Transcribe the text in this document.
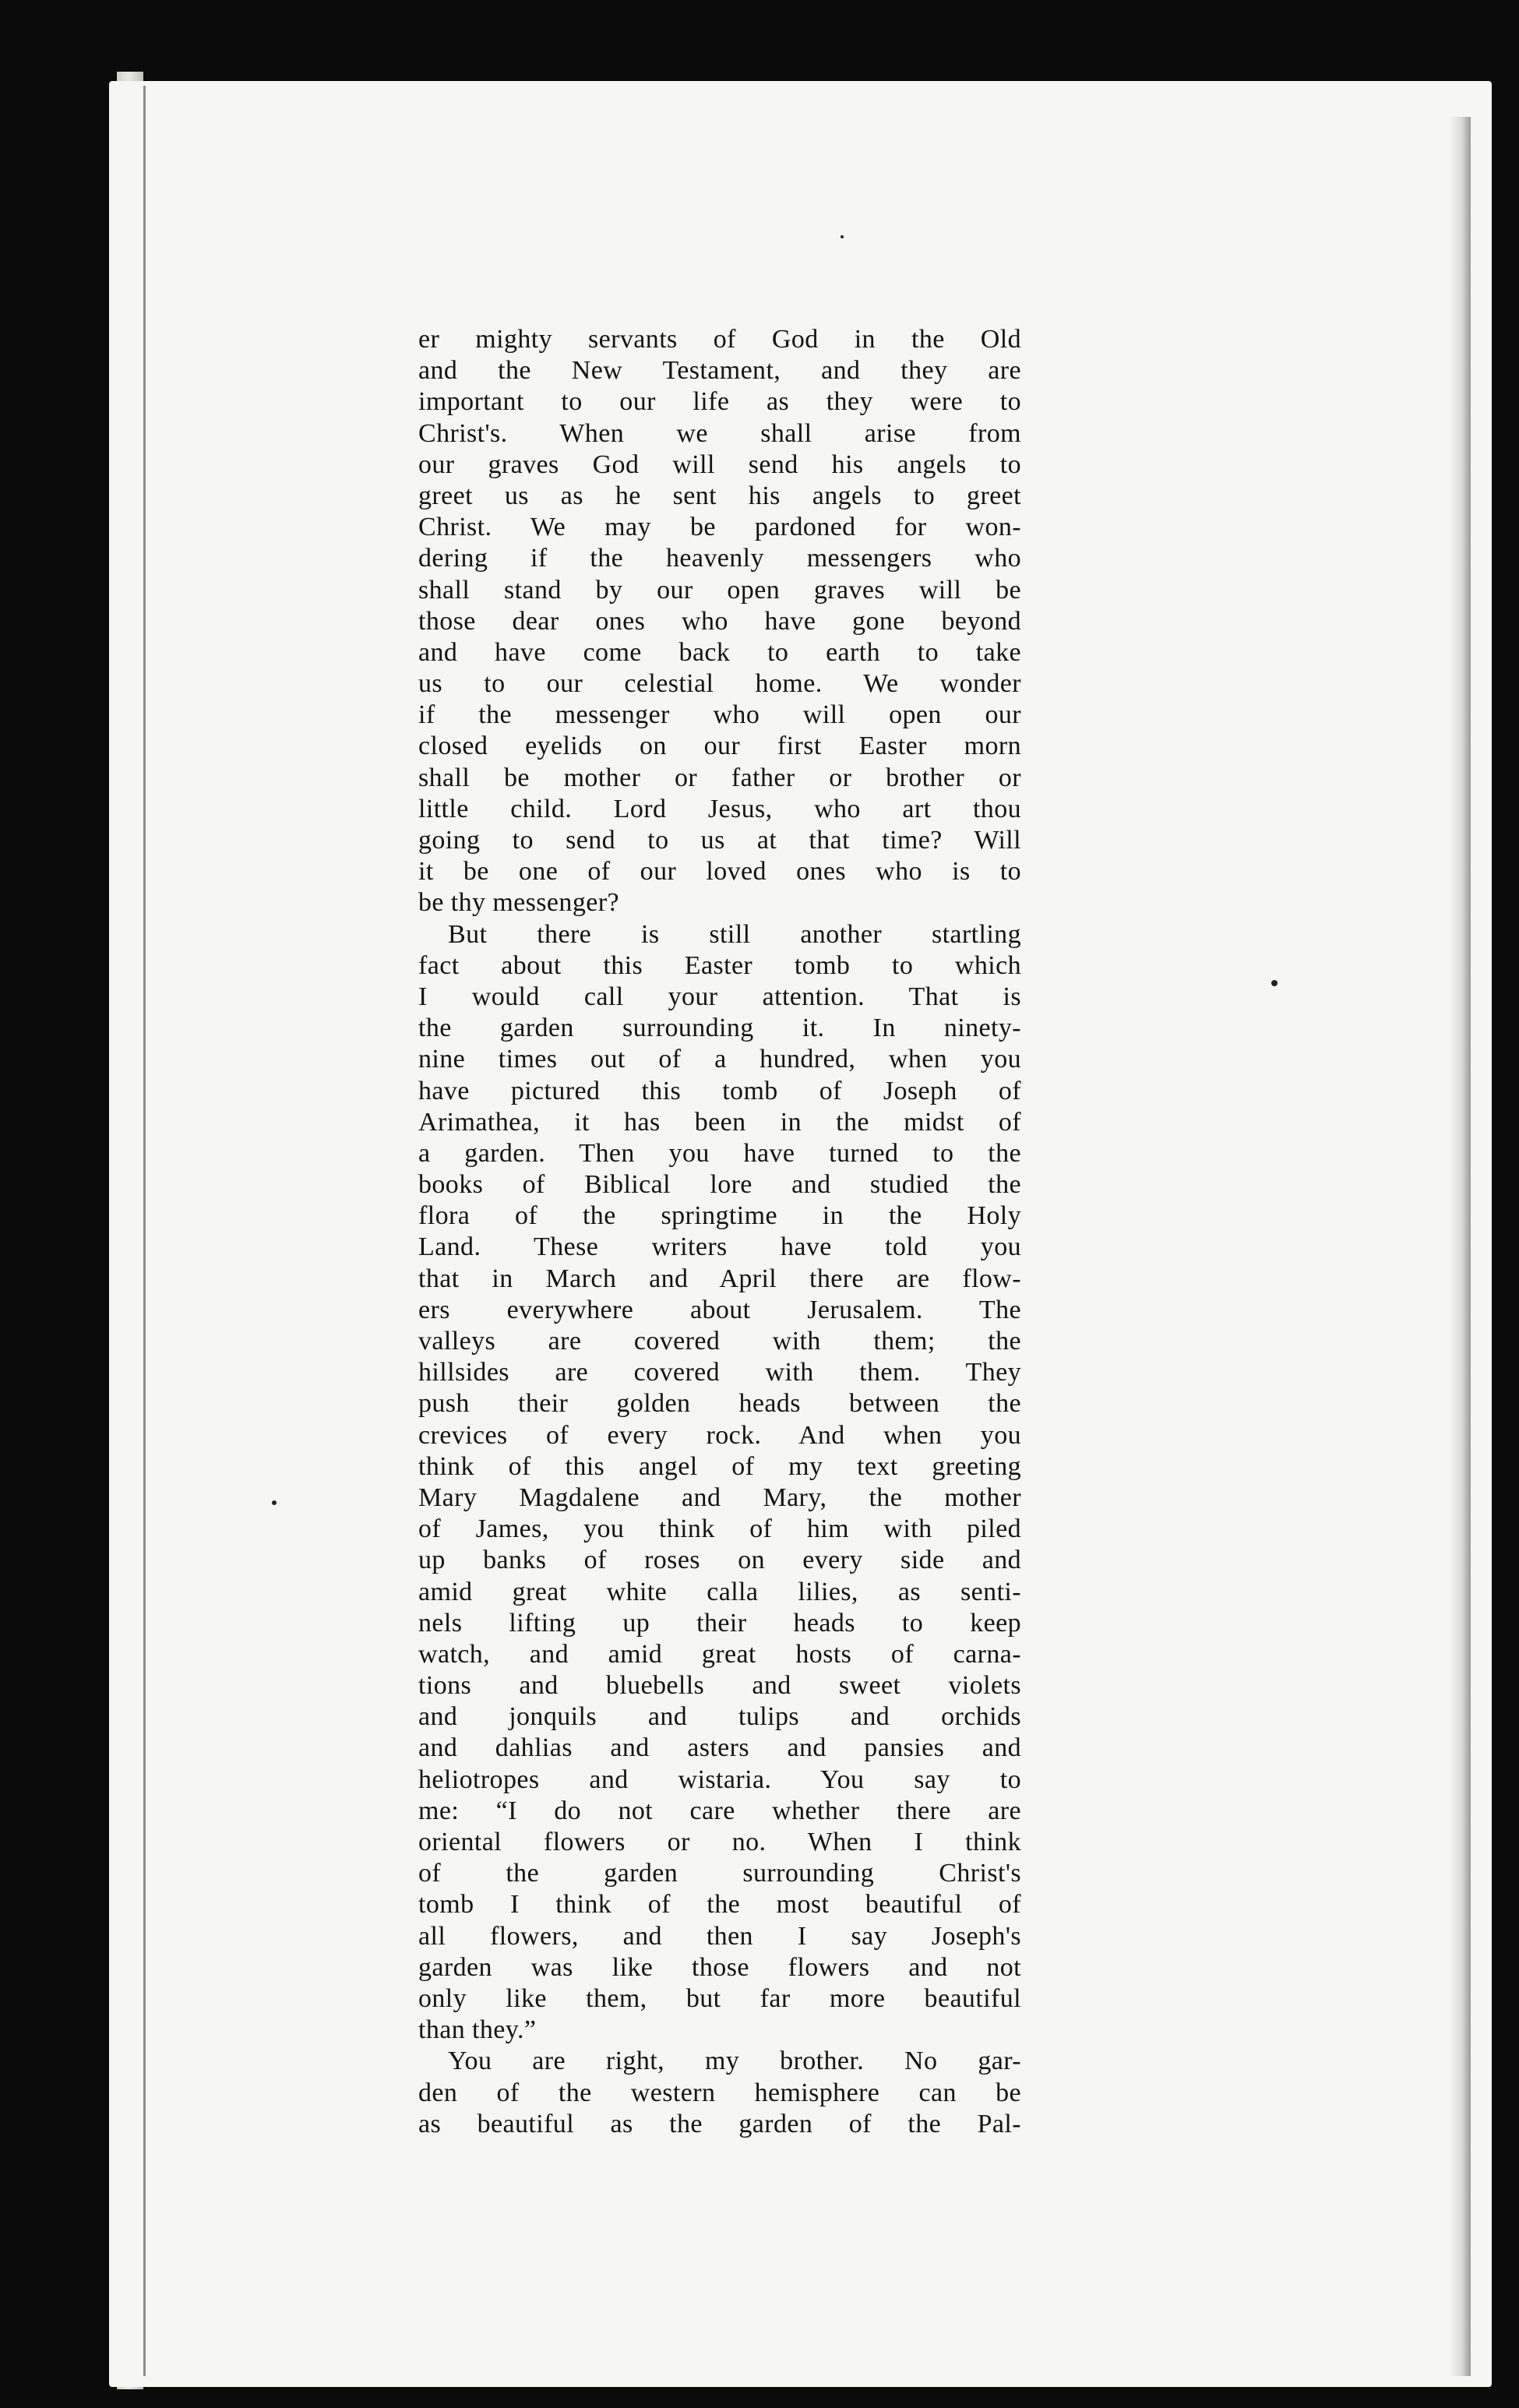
er mighty servants of God in the Old
and the New Testament, and they are
important to our life as they were to
Christ's. When we shall arise from
our graves God will send his angels to
greet us as he sent his angels to greet
Christ. We may be pardoned for won-
dering if the heavenly messengers who
shall stand by our open graves will be
those dear ones who have gone beyond
and have come back to earth to take
us to our celestial home. We wonder
if the messenger who will open our
closed eyelids on our first Easter morn
shall be mother or father or brother or
little child. Lord Jesus, who art thou
going to send to us at that time? Will
it be one of our loved ones who is to
be thy messenger?
But there is still another startling
fact about this Easter tomb to which
I would call your attention. That is
the garden surrounding it. In ninety-
nine times out of a hundred, when you
have pictured this tomb of Joseph of
Arimathea, it has been in the midst of
a garden. Then you have turned to the
books of Biblical lore and studied the
flora of the springtime in the Holy
Land. These writers have told you
that in March and April there are flow-
ers everywhere about Jerusalem. The
valleys are covered with them; the
hillsides are covered with them. They
push their golden heads between the
crevices of every rock. And when you
think of this angel of my text greeting
Mary Magdalene and Mary, the mother
of James, you think of him with piled
up banks of roses on every side and
amid great white calla lilies, as senti-
nels lifting up their heads to keep
watch, and amid great hosts of carna-
tions and bluebells and sweet violets
and jonquils and tulips and orchids
and dahlias and asters and pansies and
heliotropes and wistaria. You say to
me: “I do not care whether there are
oriental flowers or no. When I think
of the garden surrounding Christ's
tomb I think of the most beautiful of
all flowers, and then I say Joseph's
garden was like those flowers and not
only like them, but far more beautiful
than they.”
You are right, my brother. No gar-
den of the western hemisphere can be
as beautiful as the garden of the Pal-
